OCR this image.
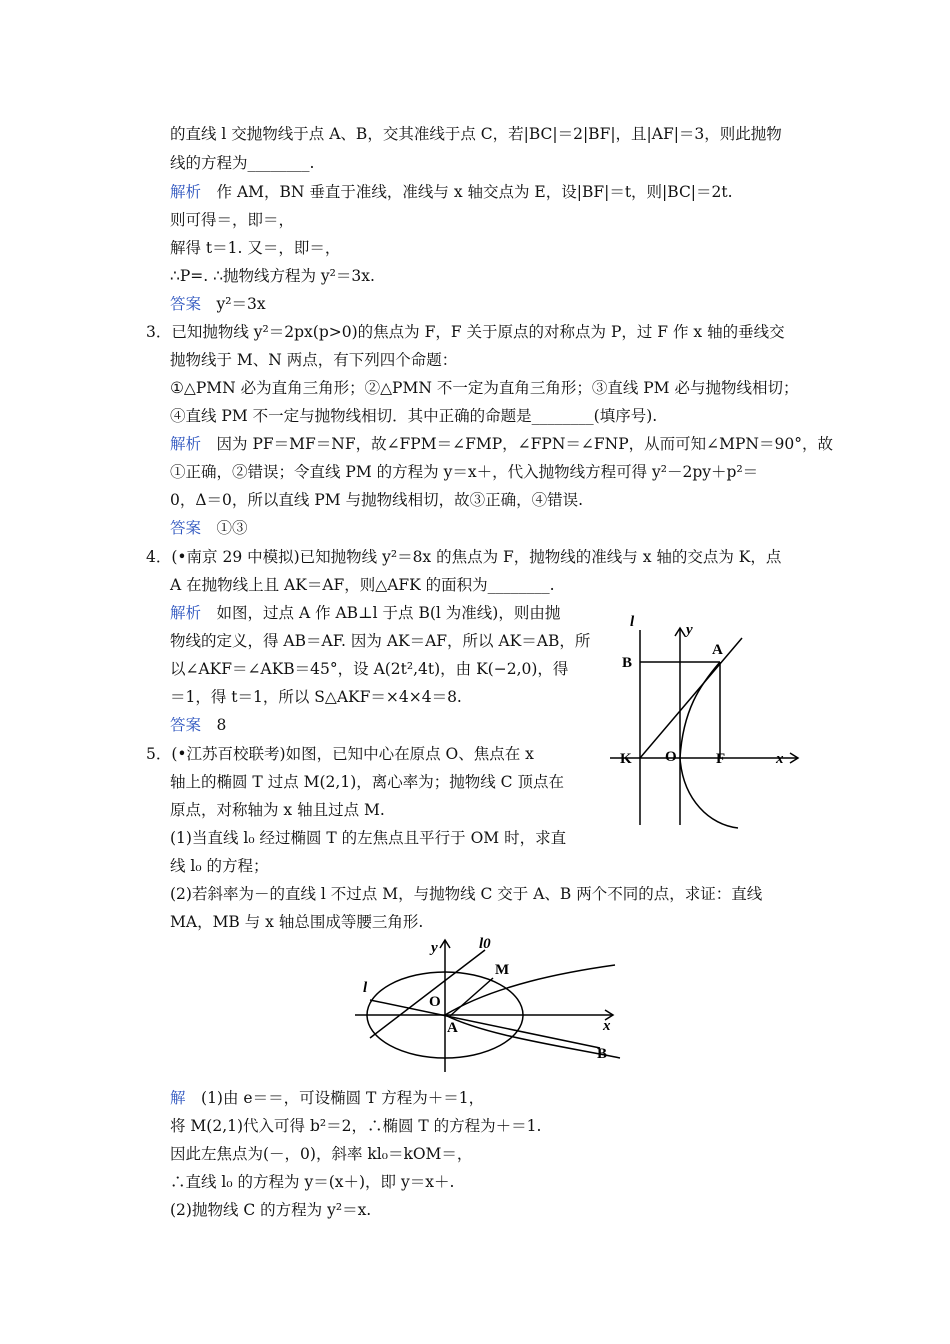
的直线 l 交抛物线于点 A、B，交其准线于点 C，若|BC|＝2|BF|，且|AF|＝3，则此抛物
线的方程为________.
解析　作 AM，BN 垂直于准线，准线与 x 轴交点为 E，设|BF|＝t，则|BC|＝2t.
则可得＝，即＝，
解得 t＝1. 又＝，即＝，
∴P=. ∴抛物线方程为 y²＝3x.
答案　y²＝3x
3．已知抛物线 y²＝2px(p>0)的焦点为 F，F 关于原点的对称点为 P，过 F 作 x 轴的垂线交
抛物线于 M、N 两点，有下列四个命题：
①△PMN 必为直角三角形；②△PMN 不一定为直角三角形；③直线 PM 必与抛物线相切；
④直线 PM 不一定与抛物线相切．其中正确的命题是________(填序号).
解析　因为 PF＝MF＝NF，故∠FPM＝∠FMP，∠FPN＝∠FNP，从而可知∠MPN＝90°，故
①正确，②错误；令直线 PM 的方程为 y＝x＋，代入抛物线方程可得 y²－2py＋p²＝
0，Δ＝0，所以直线 PM 与抛物线相切，故③正确，④错误.
答案　①③
4．(•南京 29 中模拟)已知抛物线 y²＝8x 的焦点为 F，抛物线的准线与 x 轴的交点为 K，点
A 在抛物线上且 AK＝AF，则△AFK 的面积为________.
解析　如图，过点 A 作 AB⊥l 于点 B(l 为准线)，则由抛
物线的定义，得 AB＝AF. 因为 AK＝AF，所以 AK＝AB，所
以∠AKF＝∠AKB＝45°，设 A(2t²,4t)，由 K(−2,0)，得
＝1，得 t＝1，所以 S△AKF＝×4×4＝8.
答案　8
5．(•江苏百校联考)如图，已知中心在原点 O、焦点在 x
轴上的椭圆 T 过点 M(2,1)，离心率为；抛物线 C 顶点在
原点，对称轴为 x 轴且过点 M.
(1)当直线 l₀ 经过椭圆 T 的左焦点且平行于 OM 时，求直
线 l₀ 的方程；
(2)若斜率为－的直线 l 不过点 M，与抛物线 C 交于 A、B 两个不同的点，求证：直线
MA，MB 与 x 轴总围成等腰三角形.
解　(1)由 e＝＝，可设椭圆 T 方程为＋＝1，
将 M(2,1)代入可得 b²＝2，∴椭圆 T 的方程为＋＝1.
因此左焦点为(－，0)，斜率 kl₀＝kOM＝，
∴直线 l₀ 的方程为 y＝(x＋)，即 y＝x＋.
(2)抛物线 C 的方程为 y²＝x.
l	y
B
A
K O	F	x
y	l0
M
l
O
A	x
B
